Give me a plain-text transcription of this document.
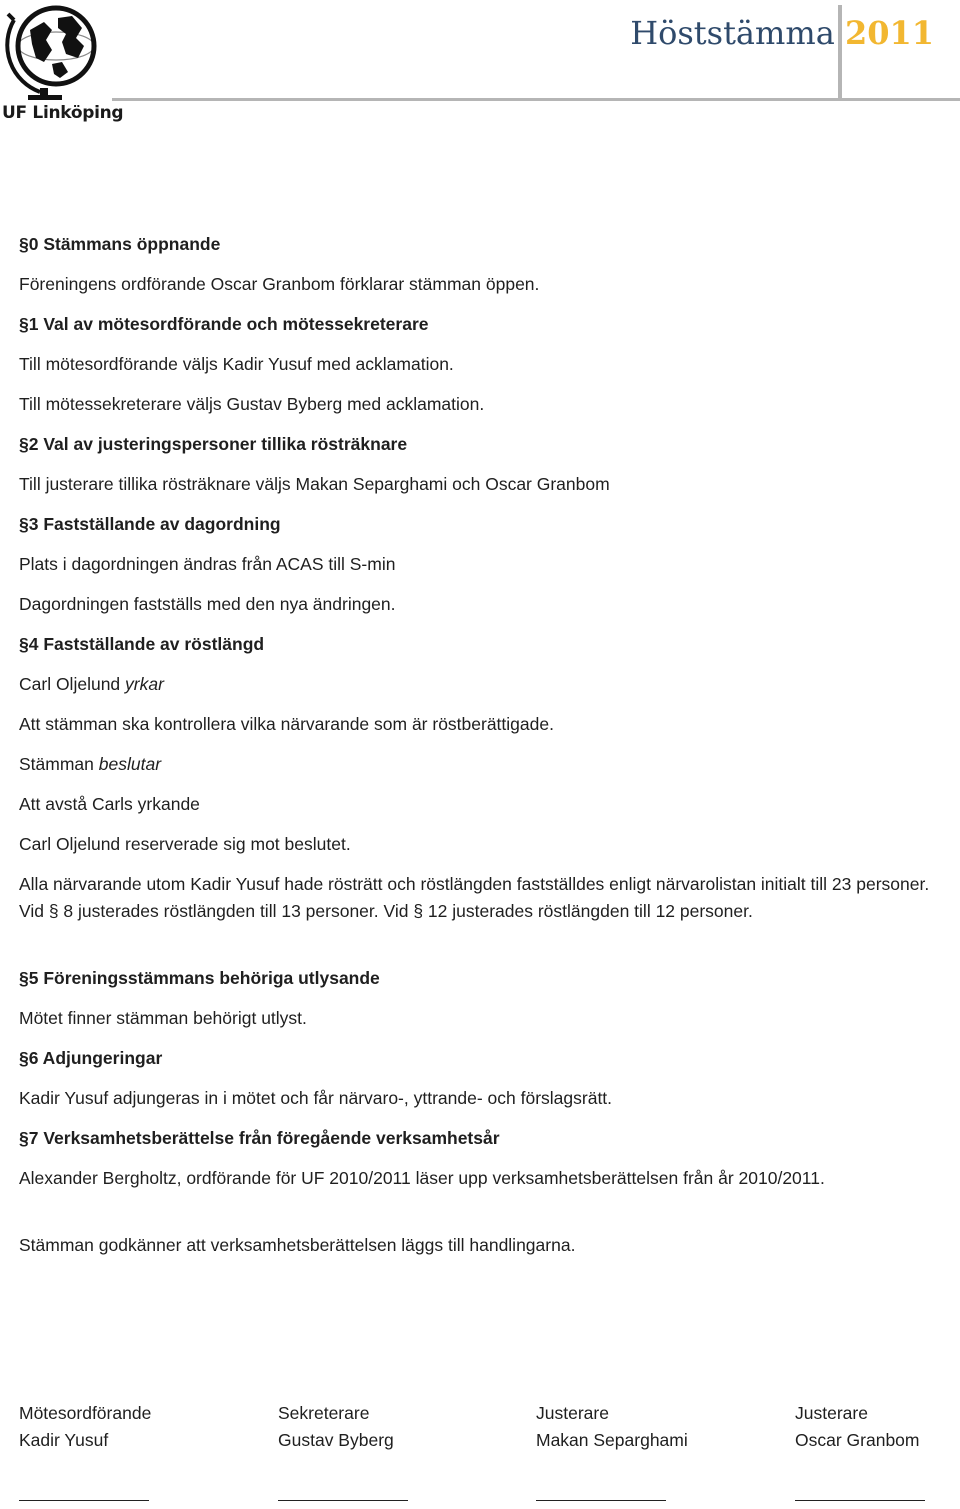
UF Linköping
Höststämma 2011
§0 Stämmans öppnande
Föreningens ordförande Oscar Granbom förklarar stämman öppen.
§1 Val av mötesordförande och mötessekreterare
Till mötesordförande väljs Kadir Yusuf med acklamation.
Till mötessekreterare väljs Gustav Byberg med acklamation.
§2 Val av justeringspersoner tillika rösträknare
Till justerare tillika rösträknare väljs Makan Separghami och Oscar Granbom
§3 Fastställande av dagordning
Plats i dagordningen ändras från ACAS till S-min
Dagordningen fastställs med den nya ändringen.
§4 Fastställande av röstlängd
Carl Oljelund yrkar
Att stämman ska kontrollera vilka närvarande som är röstberättigade.
Stämman beslutar
Att avstå Carls yrkande
Carl Oljelund reserverade sig mot beslutet.
Alla närvarande utom Kadir Yusuf hade rösträtt och röstlängden fastställdes enligt närvarolistan initialt till 23 personer. Vid § 8 justerades röstlängden till 13 personer. Vid § 12 justerades röstlängden till 12 personer.
§5 Föreningsstämmans behöriga utlysande
Mötet finner stämman behörigt utlyst.
§6 Adjungeringar
Kadir Yusuf adjungeras in i mötet och får närvaro-, yttrande- och förslagsrätt.
§7 Verksamhetsberättelse från föregående verksamhetsår
Alexander Bergholtz, ordförande för UF 2010/2011 läser upp verksamhetsberättelsen från år 2010/2011.
Stämman godkänner att verksamhetsberättelsen läggs till handlingarna.
Mötesordförande
Kadir Yusuf
Sekreterare
Gustav Byberg
Justerare
Makan Separghami
Justerare
Oscar Granbom
